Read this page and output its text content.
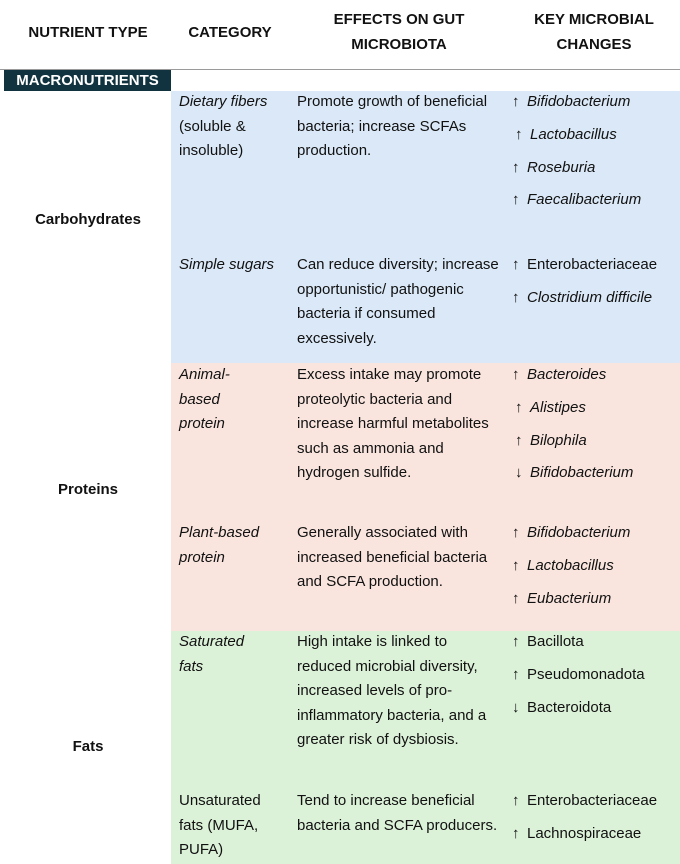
NUTRIENT TYPE	CATEGORY
EFFECTS ON GUT
MICROBIOTA
KEY MICROBIAL
CHANGES
MACRONUTRIENTS
Carbohydrates
Dietary fibers (soluble & insoluble)
Promote growth of beneficial bacteria; increase SCFAs production.
↑ Bifidobacterium
↑ Lactobacillus
↑ Roseburia
↑ Faecalibacterium
Simple sugars	Can reduce diversity; increase opportunistic/ pathogenic bacteria if consumed excessively.
↑ Enterobacteriaceae
↑ Clostridium difficile
Proteins
Animal-based protein
Excess intake may promote proteolytic bacteria and increase harmful metabolites such as ammonia and hydrogen sulfide.
↑ Bacteroides
↑ Alistipes
↑ Bilophila
↓ Bifidobacterium
Plant-based protein
Generally associated with increased beneficial bacteria and SCFA production.
↑ Bifidobacterium
↑ Lactobacillus
↑ Eubacterium
Fats
Saturated fats
High intake is linked to reduced microbial diversity, increased levels of pro-inflammatory bacteria, and a greater risk of dysbiosis.
↑ Bacillota
↑ Pseudomonadota
↓ Bacteroidota
Unsaturated fats (MUFA, PUFA)
Tend to increase beneficial bacteria and SCFA producers.
↑ Enterobacteriaceae
↑ Lachnospiraceae
